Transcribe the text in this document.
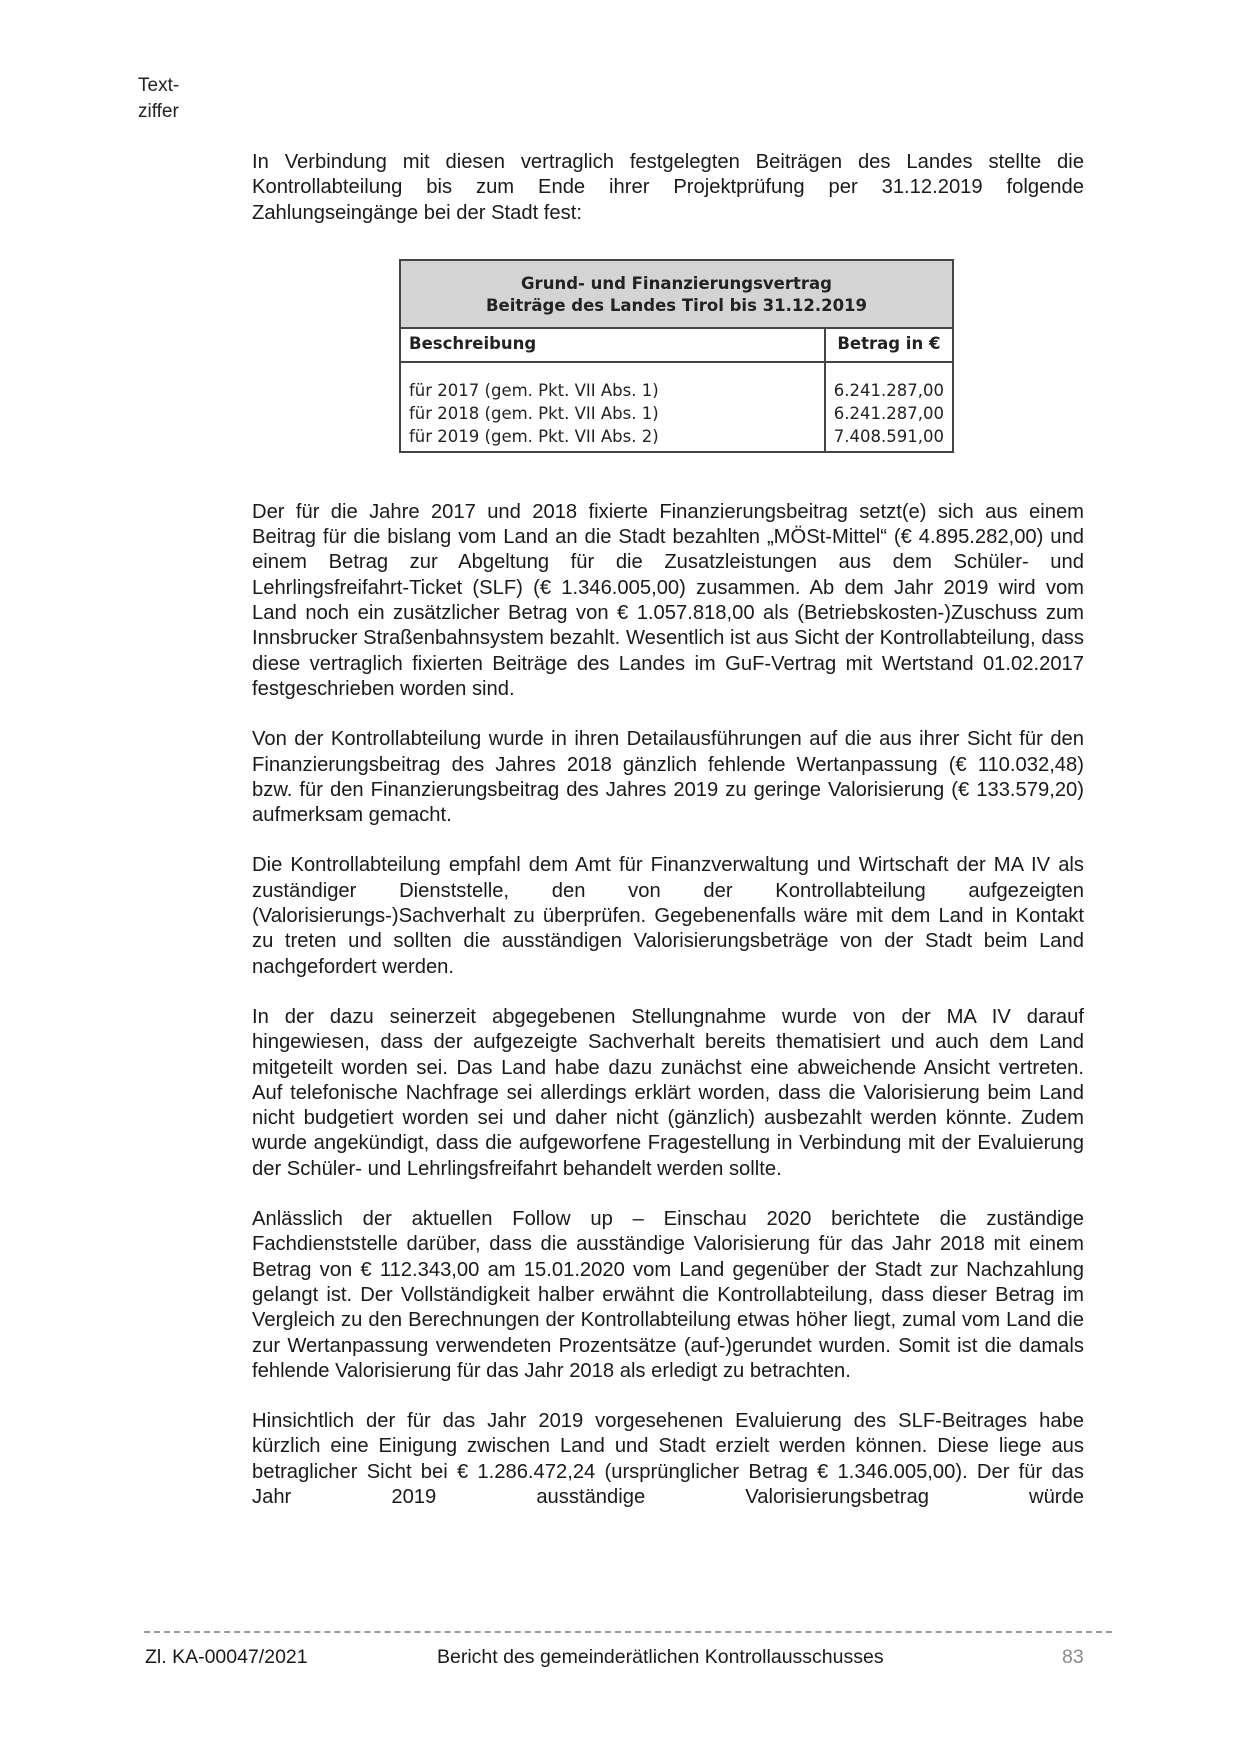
Text-
ziffer

In Verbindung mit diesen vertraglich festgelegten Beiträgen des Landes stellte die Kontrollabteilung bis zum Ende ihrer Projektprüfung per 31.12.2019 folgende Zahlungseingänge bei der Stadt fest:

Grund- und Finanzierungsvertrag
Beiträge des Landes Tirol bis 31.12.2019	

Beschreibung	Betrag in €

für 2017 (gem. Pkt. VII Abs. 1)	6.241.287,00
für 2018 (gem. Pkt. VII Abs. 1)	6.241.287,00
für 2019 (gem. Pkt. VII Abs. 2)	7.408.591,00

Der für die Jahre 2017 und 2018 fixierte Finanzierungsbeitrag setzt(e) sich aus einem Beitrag für die bislang vom Land an die Stadt bezahlten „MÖSt-Mittel“ (€ 4.895.282,00) und einem Betrag zur Abgeltung für die Zusatzleistungen aus dem Schüler- und Lehrlingsfreifahrt-Ticket (SLF) (€ 1.346.005,00) zusammen. Ab dem Jahr 2019 wird vom Land noch ein zusätzlicher Betrag von € 1.057.818,00 als (Betriebskosten-)Zuschuss zum Innsbrucker Straßenbahnsystem bezahlt. Wesentlich ist aus Sicht der Kontrollabteilung, dass diese vertraglich fixierten Beiträge des Landes im GuF-Vertrag mit Wertstand 01.02.2017 festgeschrieben worden sind.

Von der Kontrollabteilung wurde in ihren Detailausführungen auf die aus ihrer Sicht für den Finanzierungsbeitrag des Jahres 2018 gänzlich fehlende Wertanpassung (€ 110.032,48) bzw. für den Finanzierungsbeitrag des Jahres 2019 zu geringe Valorisierung (€ 133.579,20) aufmerksam gemacht.

Die Kontrollabteilung empfahl dem Amt für Finanzverwaltung und Wirtschaft der MA IV als zuständiger Dienststelle, den von der Kontrollabteilung aufgezeigten (Valorisierungs-)Sachverhalt zu überprüfen. Gegebenenfalls wäre mit dem Land in Kontakt zu treten und sollten die ausständigen Valorisierungsbeträge von der Stadt beim Land nachgefordert werden.

In der dazu seinerzeit abgegebenen Stellungnahme wurde von der MA IV darauf hingewiesen, dass der aufgezeigte Sachverhalt bereits thematisiert und auch dem Land mitgeteilt worden sei. Das Land habe dazu zunächst eine abweichende Ansicht vertreten. Auf telefonische Nachfrage sei allerdings erklärt worden, dass die Valorisierung beim Land nicht budgetiert worden sei und daher nicht (gänzlich) ausbezahlt werden könnte. Zudem wurde angekündigt, dass die aufgeworfene Fragestellung in Verbindung mit der Evaluierung der Schüler- und Lehrlingsfreifahrt behandelt werden sollte.

Anlässlich der aktuellen Follow up – Einschau 2020 berichtete die zuständige Fachdienststelle darüber, dass die ausständige Valorisierung für das Jahr 2018 mit einem Betrag von € 112.343,00 am 15.01.2020 vom Land gegenüber der Stadt zur Nachzahlung gelangt ist. Der Vollständigkeit halber erwähnt die Kontrollabteilung, dass dieser Betrag im Vergleich zu den Berechnungen der Kontrollabteilung etwas höher liegt, zumal vom Land die zur Wertanpassung verwendeten Prozentsätze (auf-)gerundet wurden. Somit ist die damals fehlende Valorisierung für das Jahr 2018 als erledigt zu betrachten.

Hinsichtlich der für das Jahr 2019 vorgesehenen Evaluierung des SLF-Beitrages habe kürzlich eine Einigung zwischen Land und Stadt erzielt werden können. Diese liege aus betraglicher Sicht bei € 1.286.472,24 (ursprünglicher Betrag € 1.346.005,00). Der für das Jahr 2019 ausständige Valorisierungsbetrag würde

Zl. KA-00047/2021	Bericht des gemeinderätlichen Kontrollausschusses	83
